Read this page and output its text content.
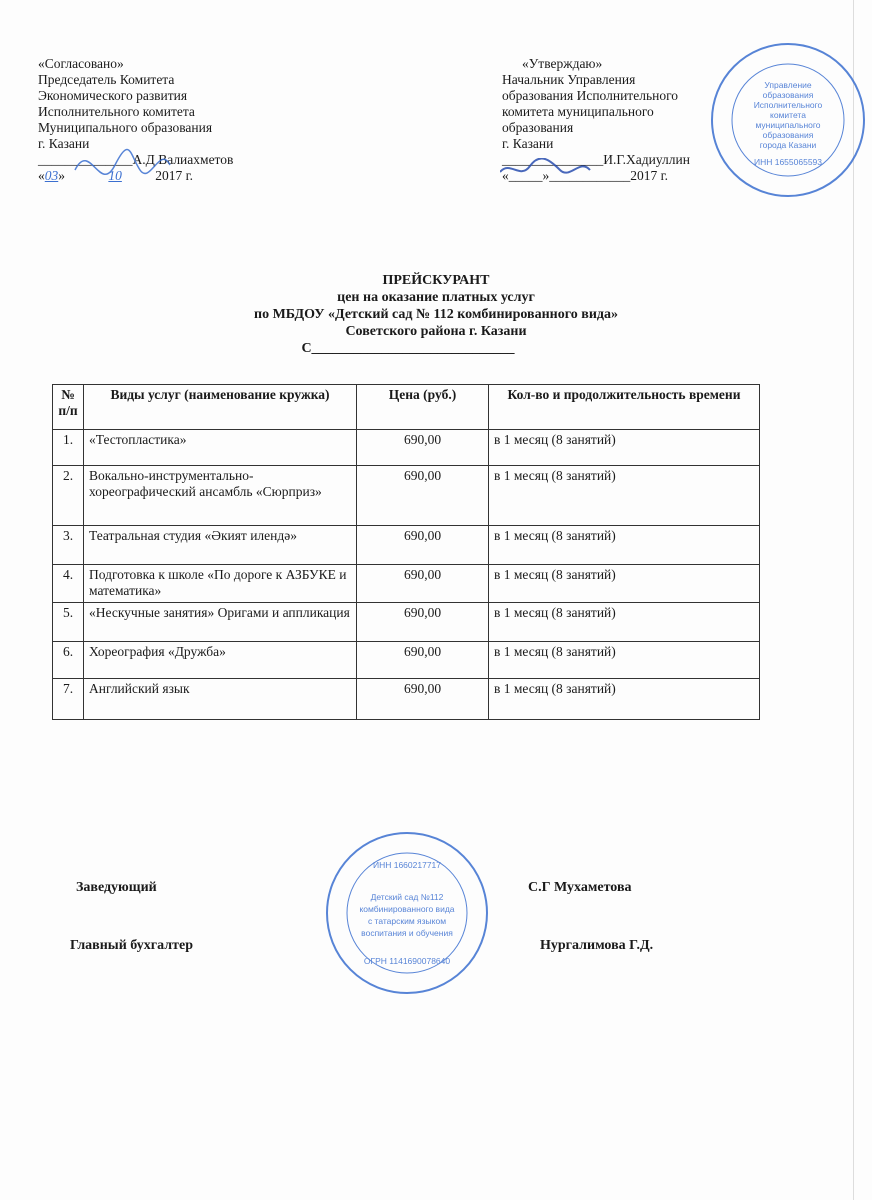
«Согласовано»
Председатель Комитета
Экономического развития
Исполнительного комитета
Муниципального образования
г. Казани
______________А.Д Валиахметов
«03»	10 2017 г.
«Утверждаю»
Начальник Управления
образования Исполнительного
комитета муниципального
образования
г. Казани
_______________И.Г.Хадиуллин
«_____»____________2017 г.
Управление
образования
Исполнительного
комитета
муниципального
образования
города Казани
ИНН 1655065593
ПРЕЙСКУРАНТ
цен на оказание платных услуг
по МБДОУ «Детский сад № 112 комбинированного вида»
Советского района г. Казани
С_____________________________
№ п/п	Виды услуг (наименование кружка)	Цена (руб.)	Кол-во и продолжительность времени
1.	«Тестопластика»	690,00	в 1 месяц (8 занятий)
2.	Вокально-инструментально-хореографический ансамбль «Сюрприз»	690,00	в 1 месяц (8 занятий)
3.	Театральная студия «Әкият илендә»	690,00	в 1 месяц (8 занятий)
4.	Подготовка к школе «По дороге к АЗБУКЕ и математика»	690,00	в 1 месяц (8 занятий)
5.	«Нескучные занятия» Оригами и аппликация	690,00	в 1 месяц (8 занятий)
6.	Хореография «Дружба»	690,00	в 1 месяц (8 занятий)
7.	Английский язык	690,00	в 1 месяц (8 занятий)
Заведующий	С.Г Мухаметова
Главный бухгалтер	Нургалимова Г.Д.
ИНН 1660217717
Детский сад №112
комбинированного вида
с татарским языком
воспитания и обучения
ОГРН 1141690078640
